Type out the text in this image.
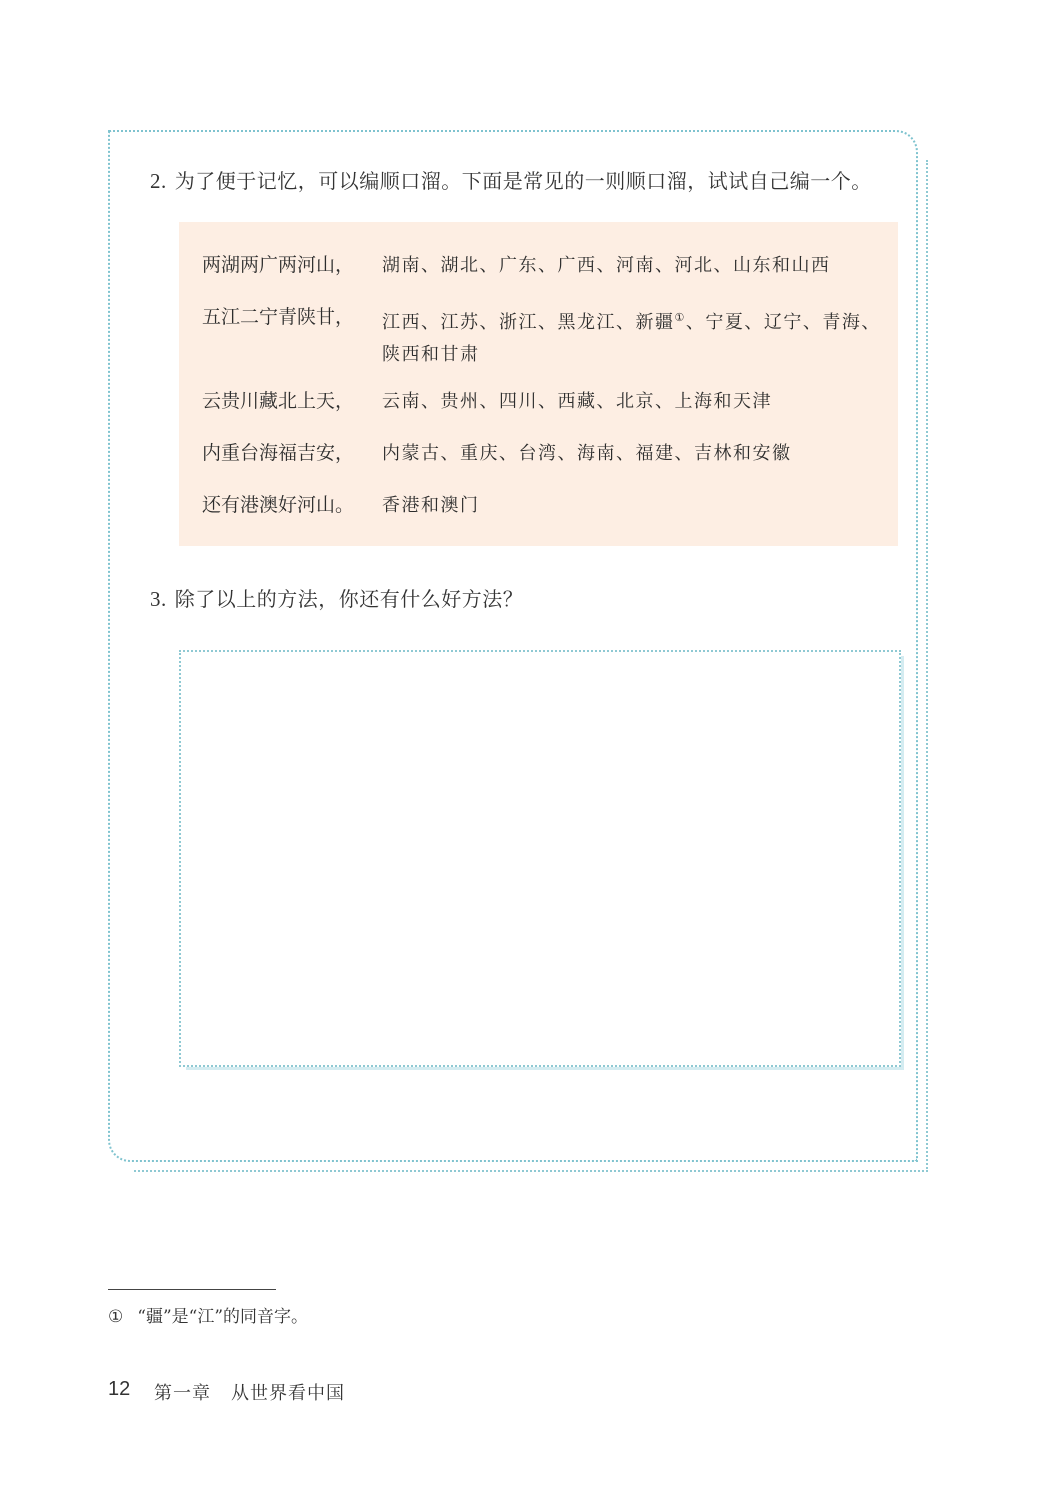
2. 为了便于记忆，可以编顺口溜。下面是常见的一则顺口溜，试试自己编一个。
两湖两广两河山， 湖南、湖北、广东、广西、河南、河北、山东和山西
五江二宁青陕甘， 江西、江苏、浙江、黑龙江、新疆①、宁夏、辽宁、青海、陕西和甘肃
云贵川藏北上天， 云南、贵州、四川、西藏、北京、上海和天津
内重台海福吉安， 内蒙古、重庆、台湾、海南、福建、吉林和安徽
还有港澳好河山。 香港和澳门
3. 除了以上的方法，你还有什么好方法？
① “疆”是“江”的同音字。
12 第一章 从世界看中国
